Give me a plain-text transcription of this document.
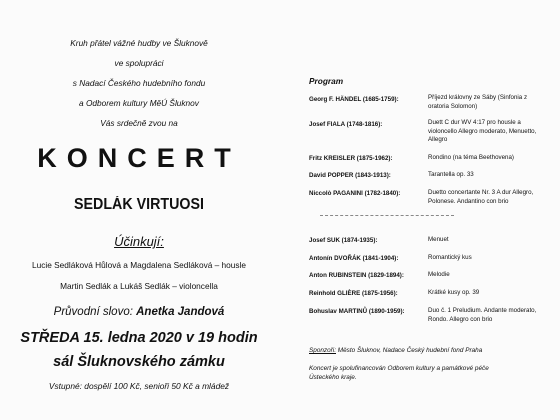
Kruh přátel vážné hudby ve Šluknově
ve spolupráci
s Nadací Českého hudebního fondu
a Odborem kultury MěÚ Šluknov
Vás srdečně zvou na
KONCERT
SEDLÁK VIRTUOSI
Účinkují:
Lucie Sedláková Hůlová a Magdalena Sedláková – housle
Martin Sedlák a Lukáš Sedlák – violoncella
Průvodní slovo: Anetka Jandová
STŘEDA 15. ledna 2020 v 19 hodin
sál Šluknovského zámku
Vstupné: dospělí 100 Kč, senioři 50 Kč a mládež
Program
Georg F. HÄNDEL (1685-1759):	Příjezd královny ze Sáby (Sinfonia z oratoria Solomon)
Josef FIALA (1748-1816):	Duett C dur WV 4:17 pro housle a violoncello Allegro moderato, Menuetto, Allegro
Fritz KREISLER (1875-1962):	Rondino (na téma Beethovena)
David POPPER (1843-1913):	Tarantella op. 33
Niccolò PAGANINI (1782-1840):	Duetto concertante Nr. 3 A dur Allegro, Polonese. Andantino con brio
Josef SUK (1874-1935):	Menuet
Antonín DVOŘÁK (1841-1904):	Romantický kus
Anton RUBINSTEIN (1829-1894):	Melodie
Reinhold GLIÈRE (1875-1956):	Krátké kusy op. 39
Bohuslav MARTINŮ (1890-1959):	Duo č. 1 Preludium. Andante moderato, Rondo. Allegro con brio
Sponzoři: Město Šluknov, Nadace Český hudební fond Praha
Koncert je spolufinancován Odborem kultury a památkové péče Ústeckého kraje.
